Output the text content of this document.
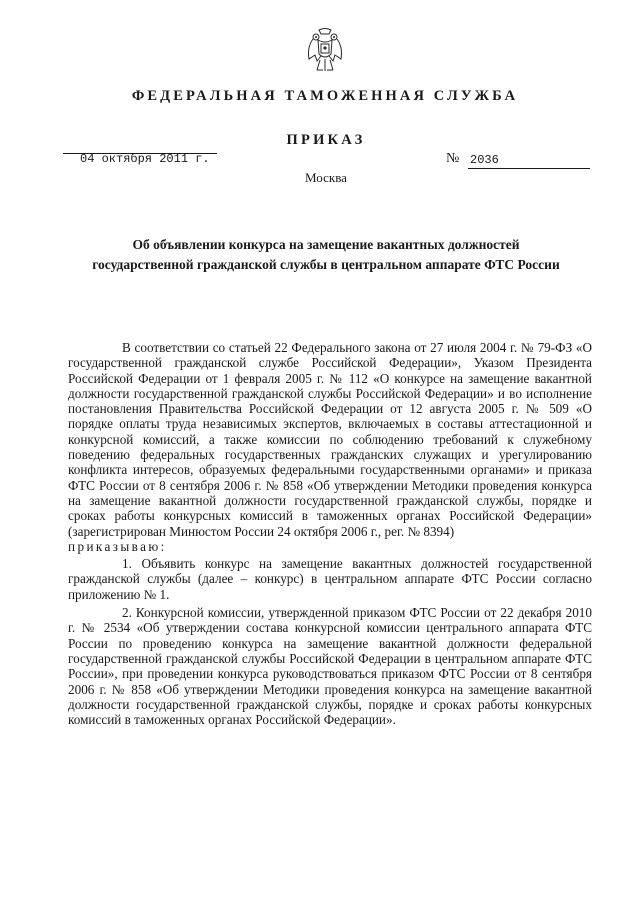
ФЕДЕРАЛЬНАЯ ТАМОЖЕННАЯ СЛУЖБА
ПРИКАЗ
04 октября 2011 г.	№ 2036
Москва
Об объявлении конкурса на замещение вакантных должностей
государственной гражданской службы в центральном аппарате ФТС России

В соответствии со статьей 22 Федерального закона от 27 июля 2004 г. № 79-ФЗ «О государственной гражданской службе Российской Федерации», Указом Президента Российской Федерации от 1 февраля 2005 г. № 112 «О конкурсе на замещение вакантной должности государственной гражданской службы Российской Федерации» и во исполнение постановления Правительства Российской Федерации от 12 августа 2005 г. № 509 «О порядке оплаты труда независимых экспертов, включаемых в составы аттестационной и конкурсной комиссий, а также комиссии по соблюдению требований к служебному поведению федеральных государственных гражданских служащих и урегулированию конфликта интересов, образуемых федеральными государственными органами» и приказа ФТС России от 8 сентября 2006 г. № 858 «Об утверждении Методики проведения конкурса на замещение вакантной должности государственной гражданской службы, порядке и сроках работы конкурсных комиссий в таможенных органах Российской Федерации» (зарегистрирован Минюстом России 24 октября 2006 г., рег. № 8394)

приказываю:

1. Объявить конкурс на замещение вакантных должностей государственной гражданской службы (далее – конкурс) в центральном аппарате ФТС России согласно приложению № 1.

2. Конкурсной комиссии, утвержденной приказом ФТС России от 22 декабря 2010 г. № 2534 «Об утверждении состава конкурсной комиссии центрального аппарата ФТС России по проведению конкурса на замещение вакантной должности федеральной государственной гражданской службы Российской Федерации в центральном аппарате ФТС России», при проведении конкурса руководствоваться приказом ФТС России от 8 сентября 2006 г. № 858 «Об утверждении Методики проведения конкурса на замещение вакантной должности государственной гражданской службы, порядке и сроках работы конкурсных комиссий в таможенных органах Российской Федерации».
